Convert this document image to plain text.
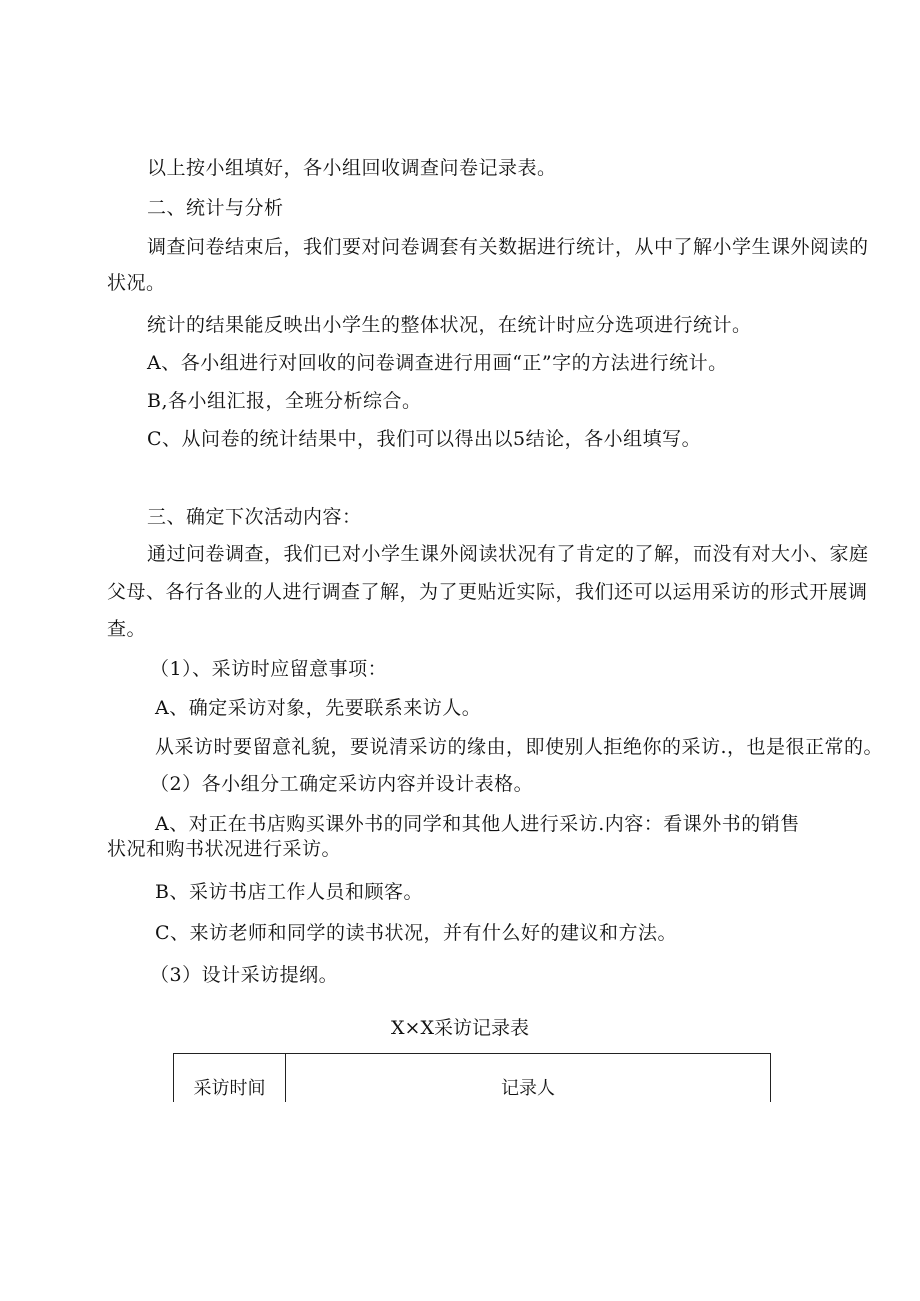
以上按小组填好，各小组回收调查问卷记录表。
二、统计与分析
调查问卷结束后，我们要对问卷调套有关数据进行统计，从中了解小学生课外阅读的
状况。
统计的结果能反映出小学生的整体状况，在统计时应分选项进行统计。
A、各小组进行对回收的问卷调查进行用画“正”字的方法进行统计。
B,各小组汇报，全班分析综合。
C、从问卷的统计结果中，我们可以得出以5结论，各小组填写。
三、确定下次活动内容：
通过问卷调查，我们已对小学生课外阅读状况有了肯定的了解，而没有对大小、家庭
父母、各行各业的人进行调查了解，为了更贴近实际，我们还可以运用采访的形式开展调
查。
（1）、采访时应留意事项：
A、确定采访对象，先要联系来访人。
从采访时要留意礼貌，要说清采访的缘由，即使别人拒绝你的采访.，也是很正常的。
（2）各小组分工确定采访内容并设计表格。
A、对正在书店购买课外书的同学和其他人进行采访.内容：看课外书的销售
状况和购书状况进行采访。
B、采访书店工作人员和顾客。
C、来访老师和同学的读书状况，并有什么好的建议和方法。
（3）设计采访提纲。
X×X采访记录表
采访时间	记录人
